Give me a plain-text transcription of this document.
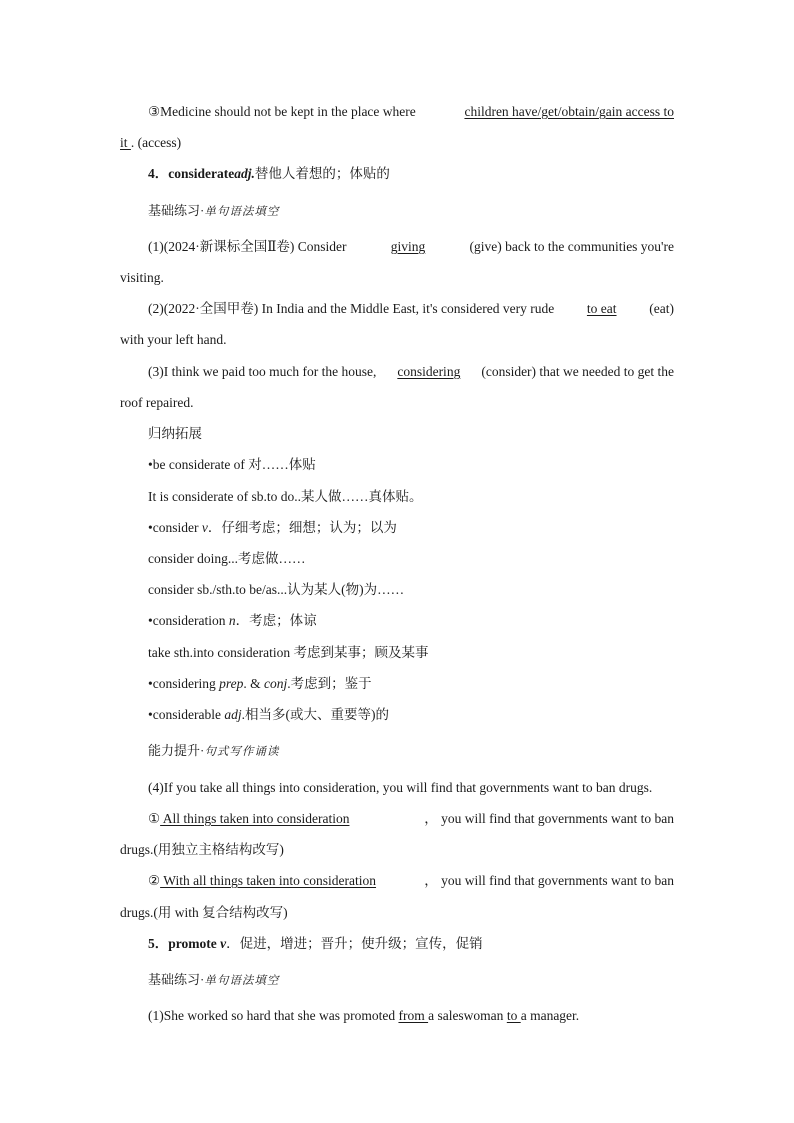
③Medicine should not be kept in the place where	children have/get/obtain/gain access to
it . (access)
4．considerateadj.替他人着想的；体贴的
基础练习·单句语法填空
(1)(2024·新课标全国Ⅱ卷) Consider	giving	(give) back to the communities you're
visiting.
(2)(2022·全国甲卷) In India and the Middle East, it's considered very rude to eat (eat)
with your left hand.
(3)I think we paid too much for the house, considering (consider) that we needed to get the
roof repaired.
归纳拓展
•be considerate of 对……体贴
It is considerate of sb.to do..某人做……真体贴。
•consider v．仔细考虑；细想；认为；以为
consider doing...考虑做……
consider sb./sth.to be/as...认为某人(物)为……
•consideration n．考虑；体谅
take sth.into consideration 考虑到某事；顾及某事
•considering prep. & conj.考虑到；鉴于
•considerable adj.相当多(或大、重要等)的
能力提升·句式写作诵读
(4)If you take all things into consideration, you will find that governments want to ban drugs.
① All things taken into consideration	， you will find that governments want to ban
drugs.(用独立主格结构改写)
② With all things taken into consideration	， you will find that governments want to ban
drugs.(用 with 复合结构改写)
5．promote v．促进，增进；晋升；使升级；宣传，促销
基础练习·单句语法填空
(1)She worked so hard that she was promoted from a saleswoman to a manager.
